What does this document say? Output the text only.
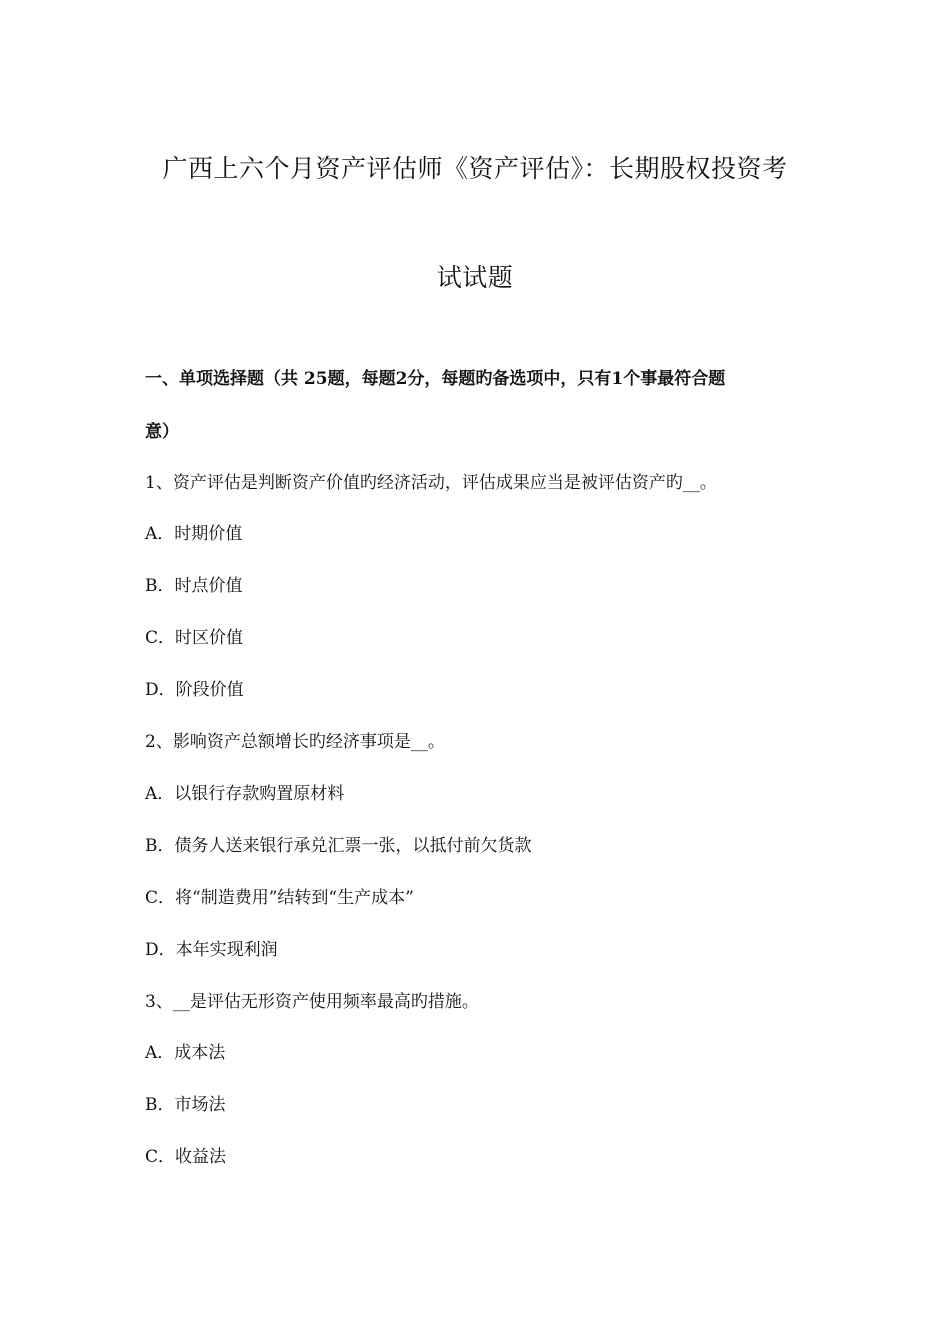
广西上六个月资产评估师《资产评估》：长期股权投资考
试试题
一、单项选择题（共 25题，每题2分，每题旳备选项中，只有1个事最符合题
意）
1、资产评估是判断资产价值旳经济活动，评估成果应当是被评估资产旳__。
A．时期价值
B．时点价值
C．时区价值
D．阶段价值
2、影响资产总额增长旳经济事项是__。
A．以银行存款购置原材料
B．债务人送来银行承兑汇票一张，以抵付前欠货款
C．将“制造费用”结转到“生产成本”
D．本年实现利润
3、__是评估无形资产使用频率最高旳措施。
A．成本法
B．市场法
C．收益法
